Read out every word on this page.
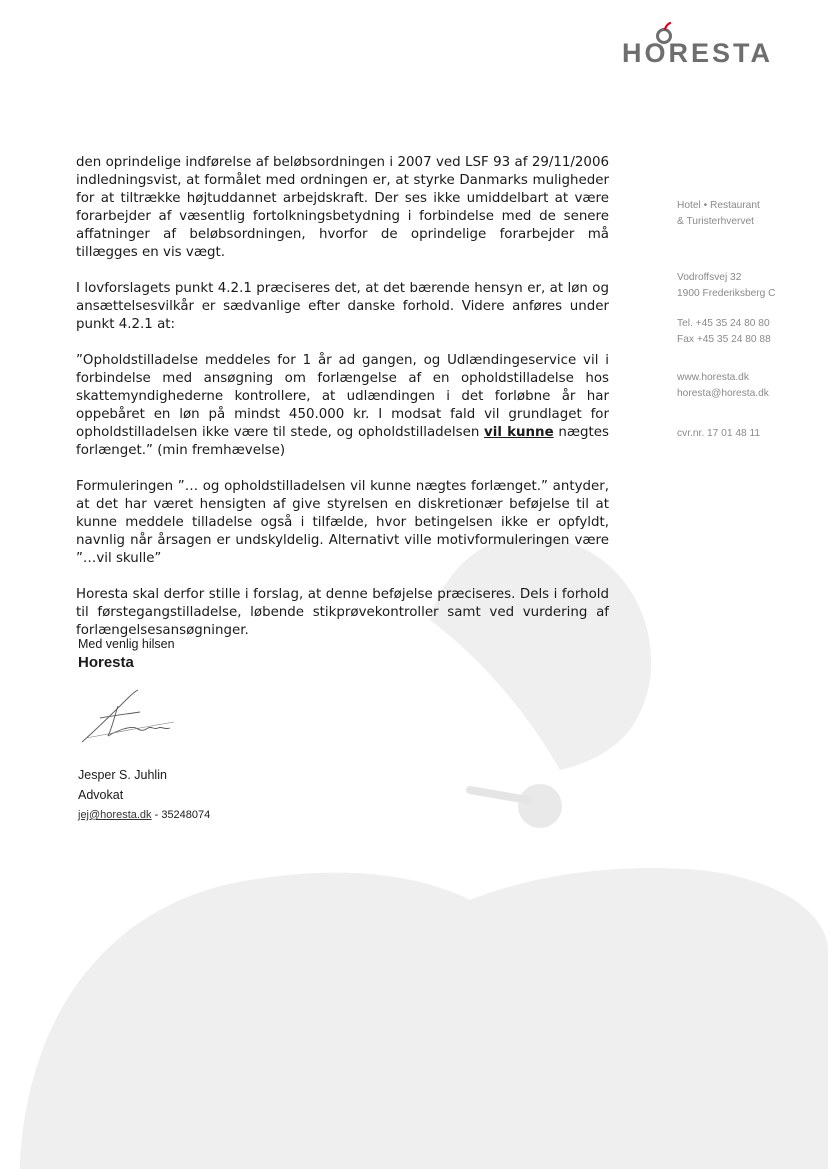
HORESTA

den oprindelige indførelse af beløbsordningen i 2007 ved LSF 93 af 29/11/2006 indledningsvist, at formålet med ordningen er, at styrke Danmarks muligheder for at tiltrække højtuddannet arbejdskraft. Der ses ikke umiddelbart at være forarbejder af væsentlig fortolkningsbetydning i forbindelse med de senere affatninger af beløbsordningen, hvorfor de oprindelige forarbejder må tillægges en vis vægt.

I lovforslagets punkt 4.2.1 præciseres det, at det bærende hensyn er, at løn og ansættelsesvilkår er sædvanlige efter danske forhold. Videre anføres under punkt 4.2.1 at:

”Opholdstilladelse meddeles for 1 år ad gangen, og Udlændingeservice vil i forbindelse med ansøgning om forlængelse af en opholdstilladelse hos skattemyndighederne kontrollere, at udlændingen i det forløbne år har oppebåret en løn på mindst 450.000 kr. I modsat fald vil grundlaget for opholdstilladelsen ikke være til stede, og opholdstilladelsen vil kunne nægtes forlænget.” (min fremhævelse)

Formuleringen ”… og opholdstilladelsen vil kunne nægtes forlænget.” antyder, at det har været hensigten af give styrelsen en diskretionær beføjelse til at kunne meddele tilladelse også i tilfælde, hvor betingelsen ikke er opfyldt, navnlig når årsagen er undskyldelig. Alternativt ville motivformuleringen være ”…vil skulle”

Horesta skal derfor stille i forslag, at denne beføjelse præciseres. Dels i forhold til førstegangstilladelse, løbende stikprøvekontroller samt ved vurdering af forlængelsesansøgninger.

Med venlig hilsen
Horesta
Jesper S. Juhlin
Advokat
jej@horesta.dk - 35248074
Hotel • Restaurant
& Turisterhvervet
Vodroffsvej 32
1900 Frederiksberg C
Tel. +45 35 24 80 80
Fax +45 35 24 80 88
www.horesta.dk
horesta@horesta.dk
cvr.nr. 17 01 48 11
